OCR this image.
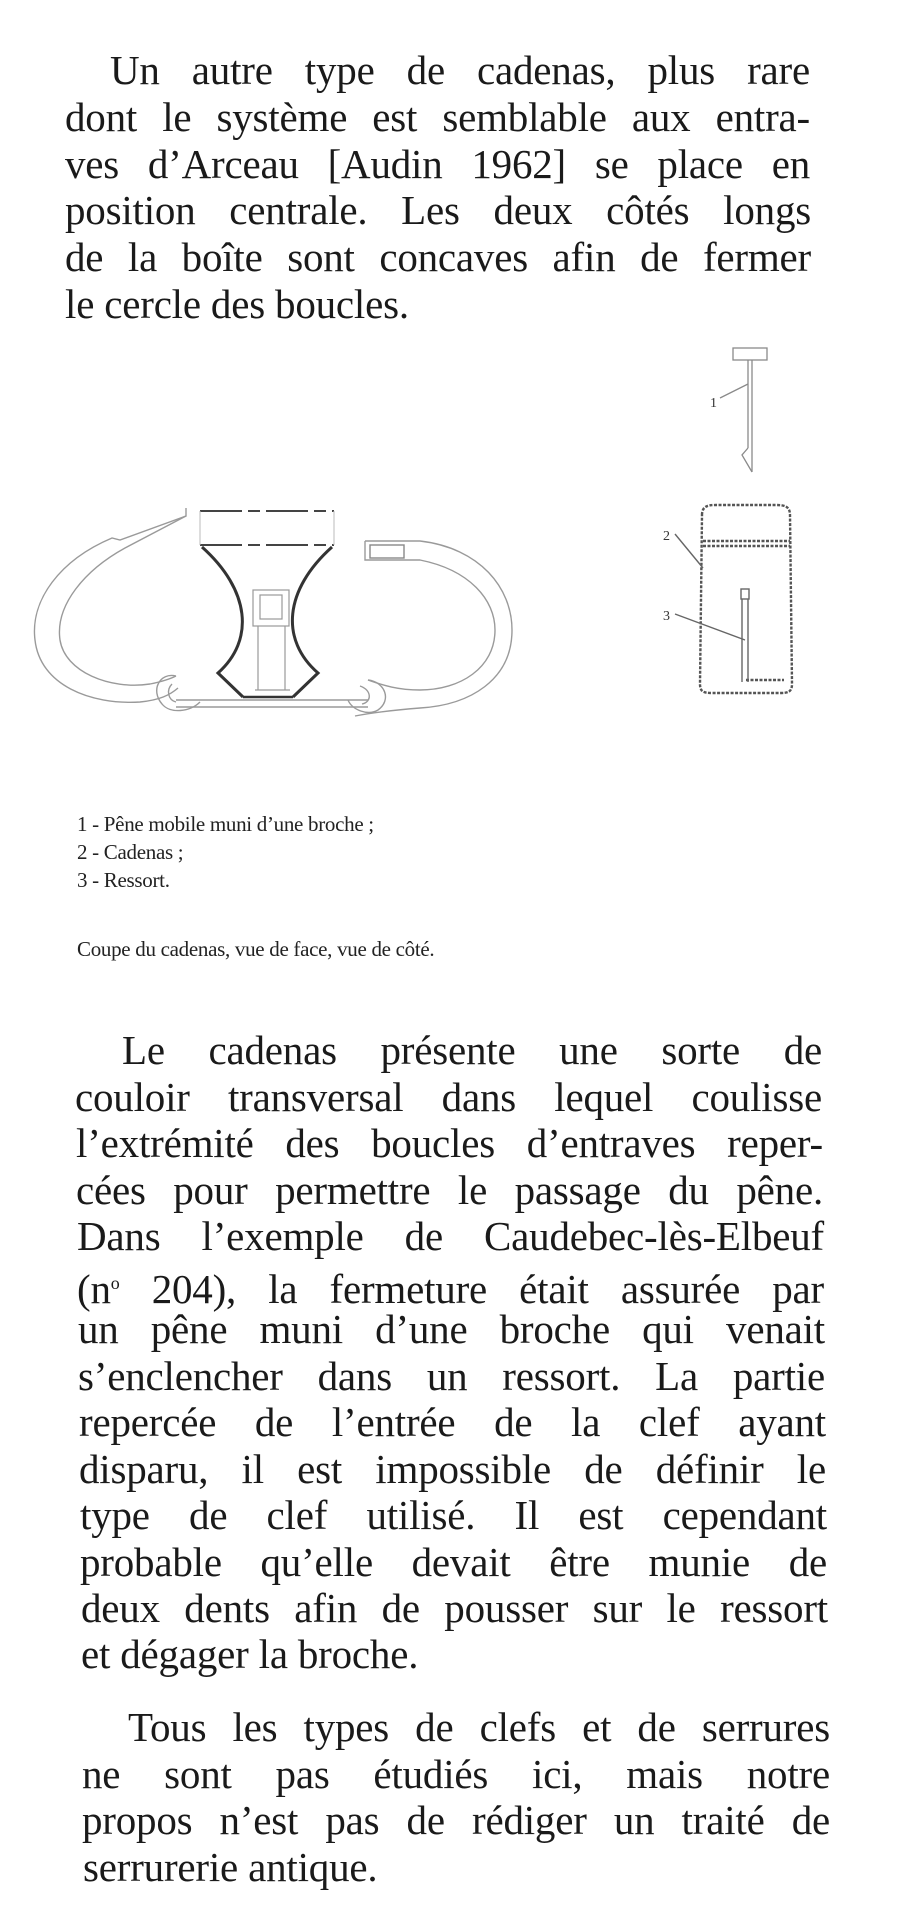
Un autre type de cadenas, plus rare
dont le système est semblable aux entra-
ves d’Arceau [Audin 1962] se place en
position centrale. Les deux côtés longs
de la boîte sont concaves afin de fermer
le cercle des boucles.
1
2
3
1 - Pêne mobile muni d’une broche ;
2 - Cadenas ;
3 - Ressort.
Coupe du cadenas, vue de face, vue de côté.
Le cadenas présente une sorte de
couloir transversal dans lequel coulisse
l’extrémité des boucles d’entraves reper-
cées pour permettre le passage du pêne.
Dans l’exemple de Caudebec-lès-Elbeuf
($n^o$ 204), la fermeture était assurée par
un pêne muni d’une broche qui venait
s’enclencher dans un ressort. La partie
repercée de l’entrée de la clef ayant
disparu, il est impossible de définir le
type de clef utilisé. Il est cependant
probable qu’elle devait être munie de
deux dents afin de pousser sur le ressort
et dégager la broche.
Tous les types de clefs et de serrures
ne sont pas étudiés ici, mais notre
propos n’est pas de rédiger un traité de
serrurerie antique.
